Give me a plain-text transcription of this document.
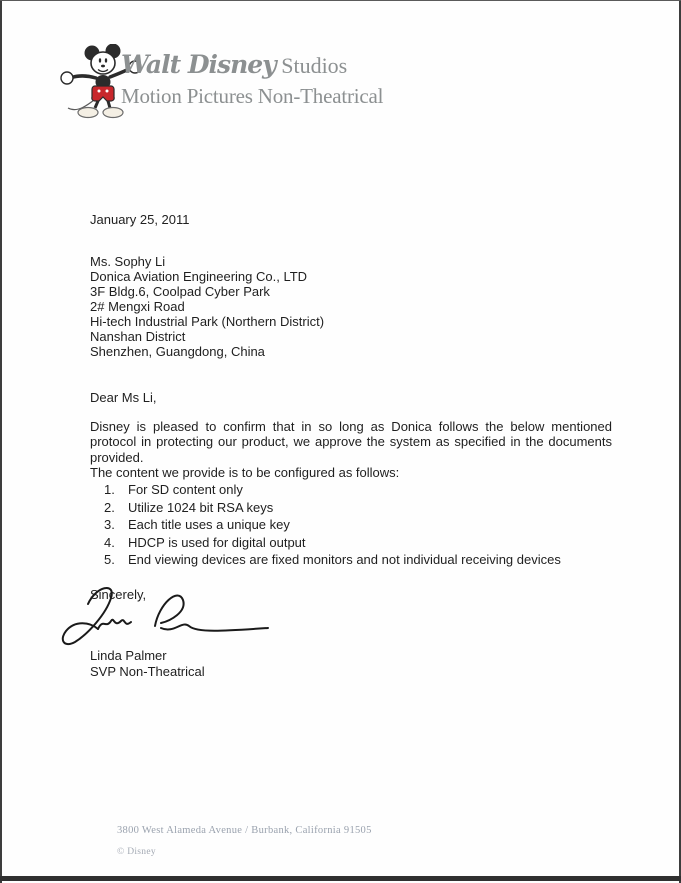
Walt Disney Studios
Motion Pictures Non-Theatrical
January 25, 2011
Ms. Sophy Li
Donica Aviation Engineering Co., LTD
3F Bldg.6, Coolpad Cyber Park
2# Mengxi Road
Hi-tech Industrial Park (Northern District)
Nanshan District
Shenzhen, Guangdong, China
Dear Ms Li,

Disney is pleased to confirm that in so long as Donica follows the below mentioned protocol in protecting our product, we approve the system as specified in the documents provided.

The content we provide is to be configured as follows:

1.	For SD content only
2.	Utilize 1024 bit RSA keys
3.	Each title uses a unique key
4.	HDCP is used for digital output
5.	End viewing devices are fixed monitors and not individual receiving devices
Sincerely,
Linda Palmer
SVP Non-Theatrical
3800 West Alameda Avenue / Burbank, California 91505
© Disney
